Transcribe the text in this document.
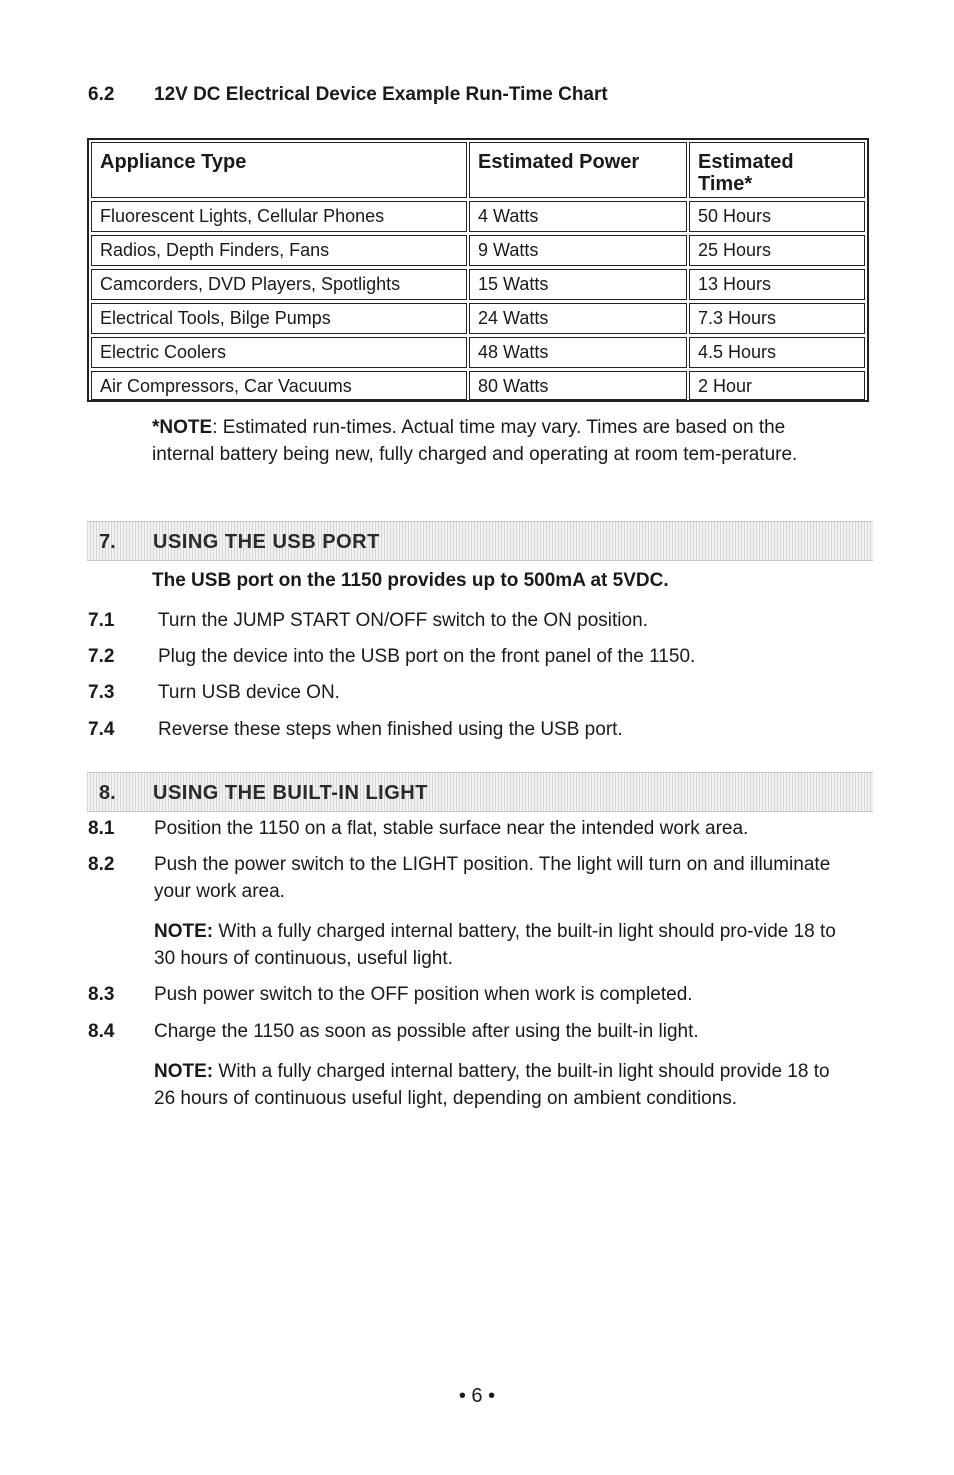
6.2 12V DC Electrical Device Example Run-Time Chart
Appliance Type	Estimated Power	Estimated Time*
Fluorescent Lights, Cellular Phones	4 Watts	50 Hours
Radios, Depth Finders, Fans	9 Watts	25 Hours
Camcorders, DVD Players, Spotlights	15 Watts	13 Hours
Electrical Tools, Bilge Pumps	24 Watts	7.3 Hours
Electric Coolers	48 Watts	4.5 Hours
Air Compressors, Car Vacuums	80 Watts	2 Hour
*NOTE: Estimated run-times. Actual time may vary. Times are based on the internal battery being new, fully charged and operating at room tem-perature.
7. USING THE USB PORT
The USB port on the 1150 provides up to 500mA at 5VDC.
7.1 Turn the JUMP START ON/OFF switch to the ON position.
7.2 Plug the device into the USB port on the front panel of the 1150.
7.3 Turn USB device ON.
7.4 Reverse these steps when finished using the USB port.
8. USING THE BUILT-IN LIGHT
8.1 Position the 1150 on a flat, stable surface near the intended work area.
8.2 Push the power switch to the LIGHT position. The light will turn on and illuminate your work area.
NOTE: With a fully charged internal battery, the built-in light should pro-vide 18 to 30 hours of continuous, useful light.
8.3 Push power switch to the OFF position when work is completed.
8.4 Charge the 1150 as soon as possible after using the built-in light.
NOTE: With a fully charged internal battery, the built-in light should provide 18 to 26 hours of continuous useful light, depending on ambient conditions.
• 6 •
